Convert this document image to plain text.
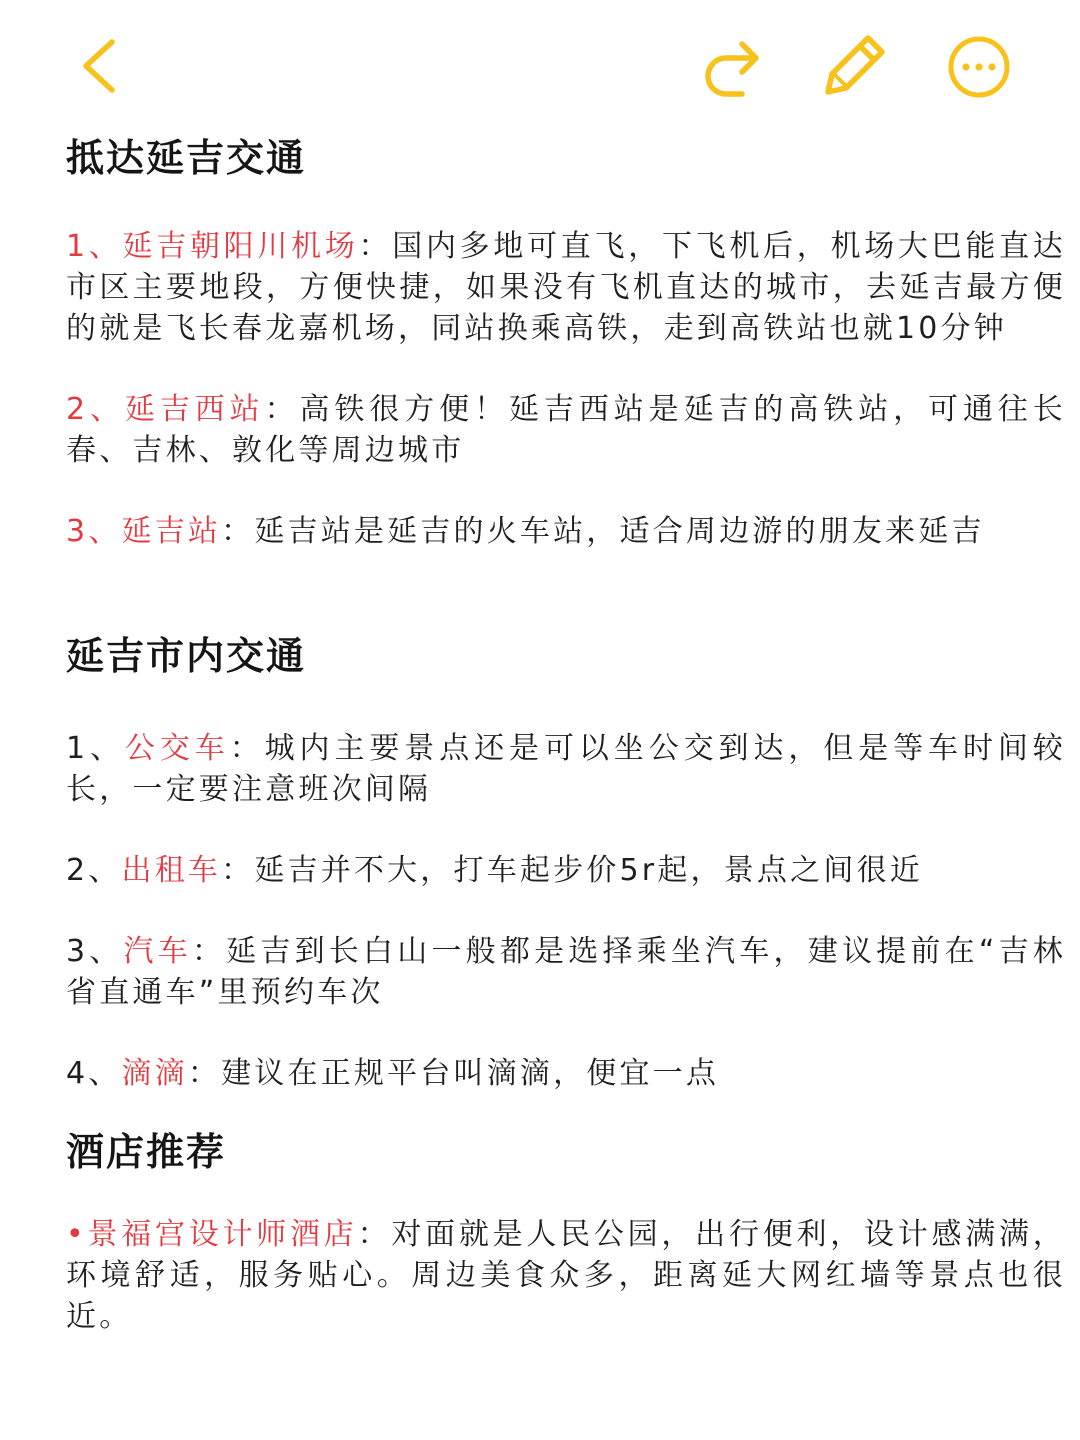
抵达延吉交通

1、延吉朝阳川机场：国内多地可直飞，下飞机后，机场大巴能直达市区主要地段，方便快捷，如果没有飞机直达的城市，去延吉最方便的就是飞长春龙嘉机场，同站换乘高铁，走到高铁站也就10分钟

2、延吉西站：高铁很方便！延吉西站是延吉的高铁站，可通往长春、吉林、敦化等周边城市

3、延吉站：延吉站是延吉的火车站，适合周边游的朋友来延吉

延吉市内交通

1、公交车：城内主要景点还是可以坐公交到达，但是等车时间较长，一定要注意班次间隔

2、出租车：延吉并不大，打车起步价5r起，景点之间很近

3、汽车：延吉到长白山一般都是选择乘坐汽车，建议提前在“吉林省直通车”里预约车次

4、滴滴：建议在正规平台叫滴滴，便宜一点

酒店推荐

•景福宫设计师酒店：对面就是人民公园，出行便利，设计感满满，环境舒适，服务贴心。周边美食众多，距离延大网红墙等景点也很近。
